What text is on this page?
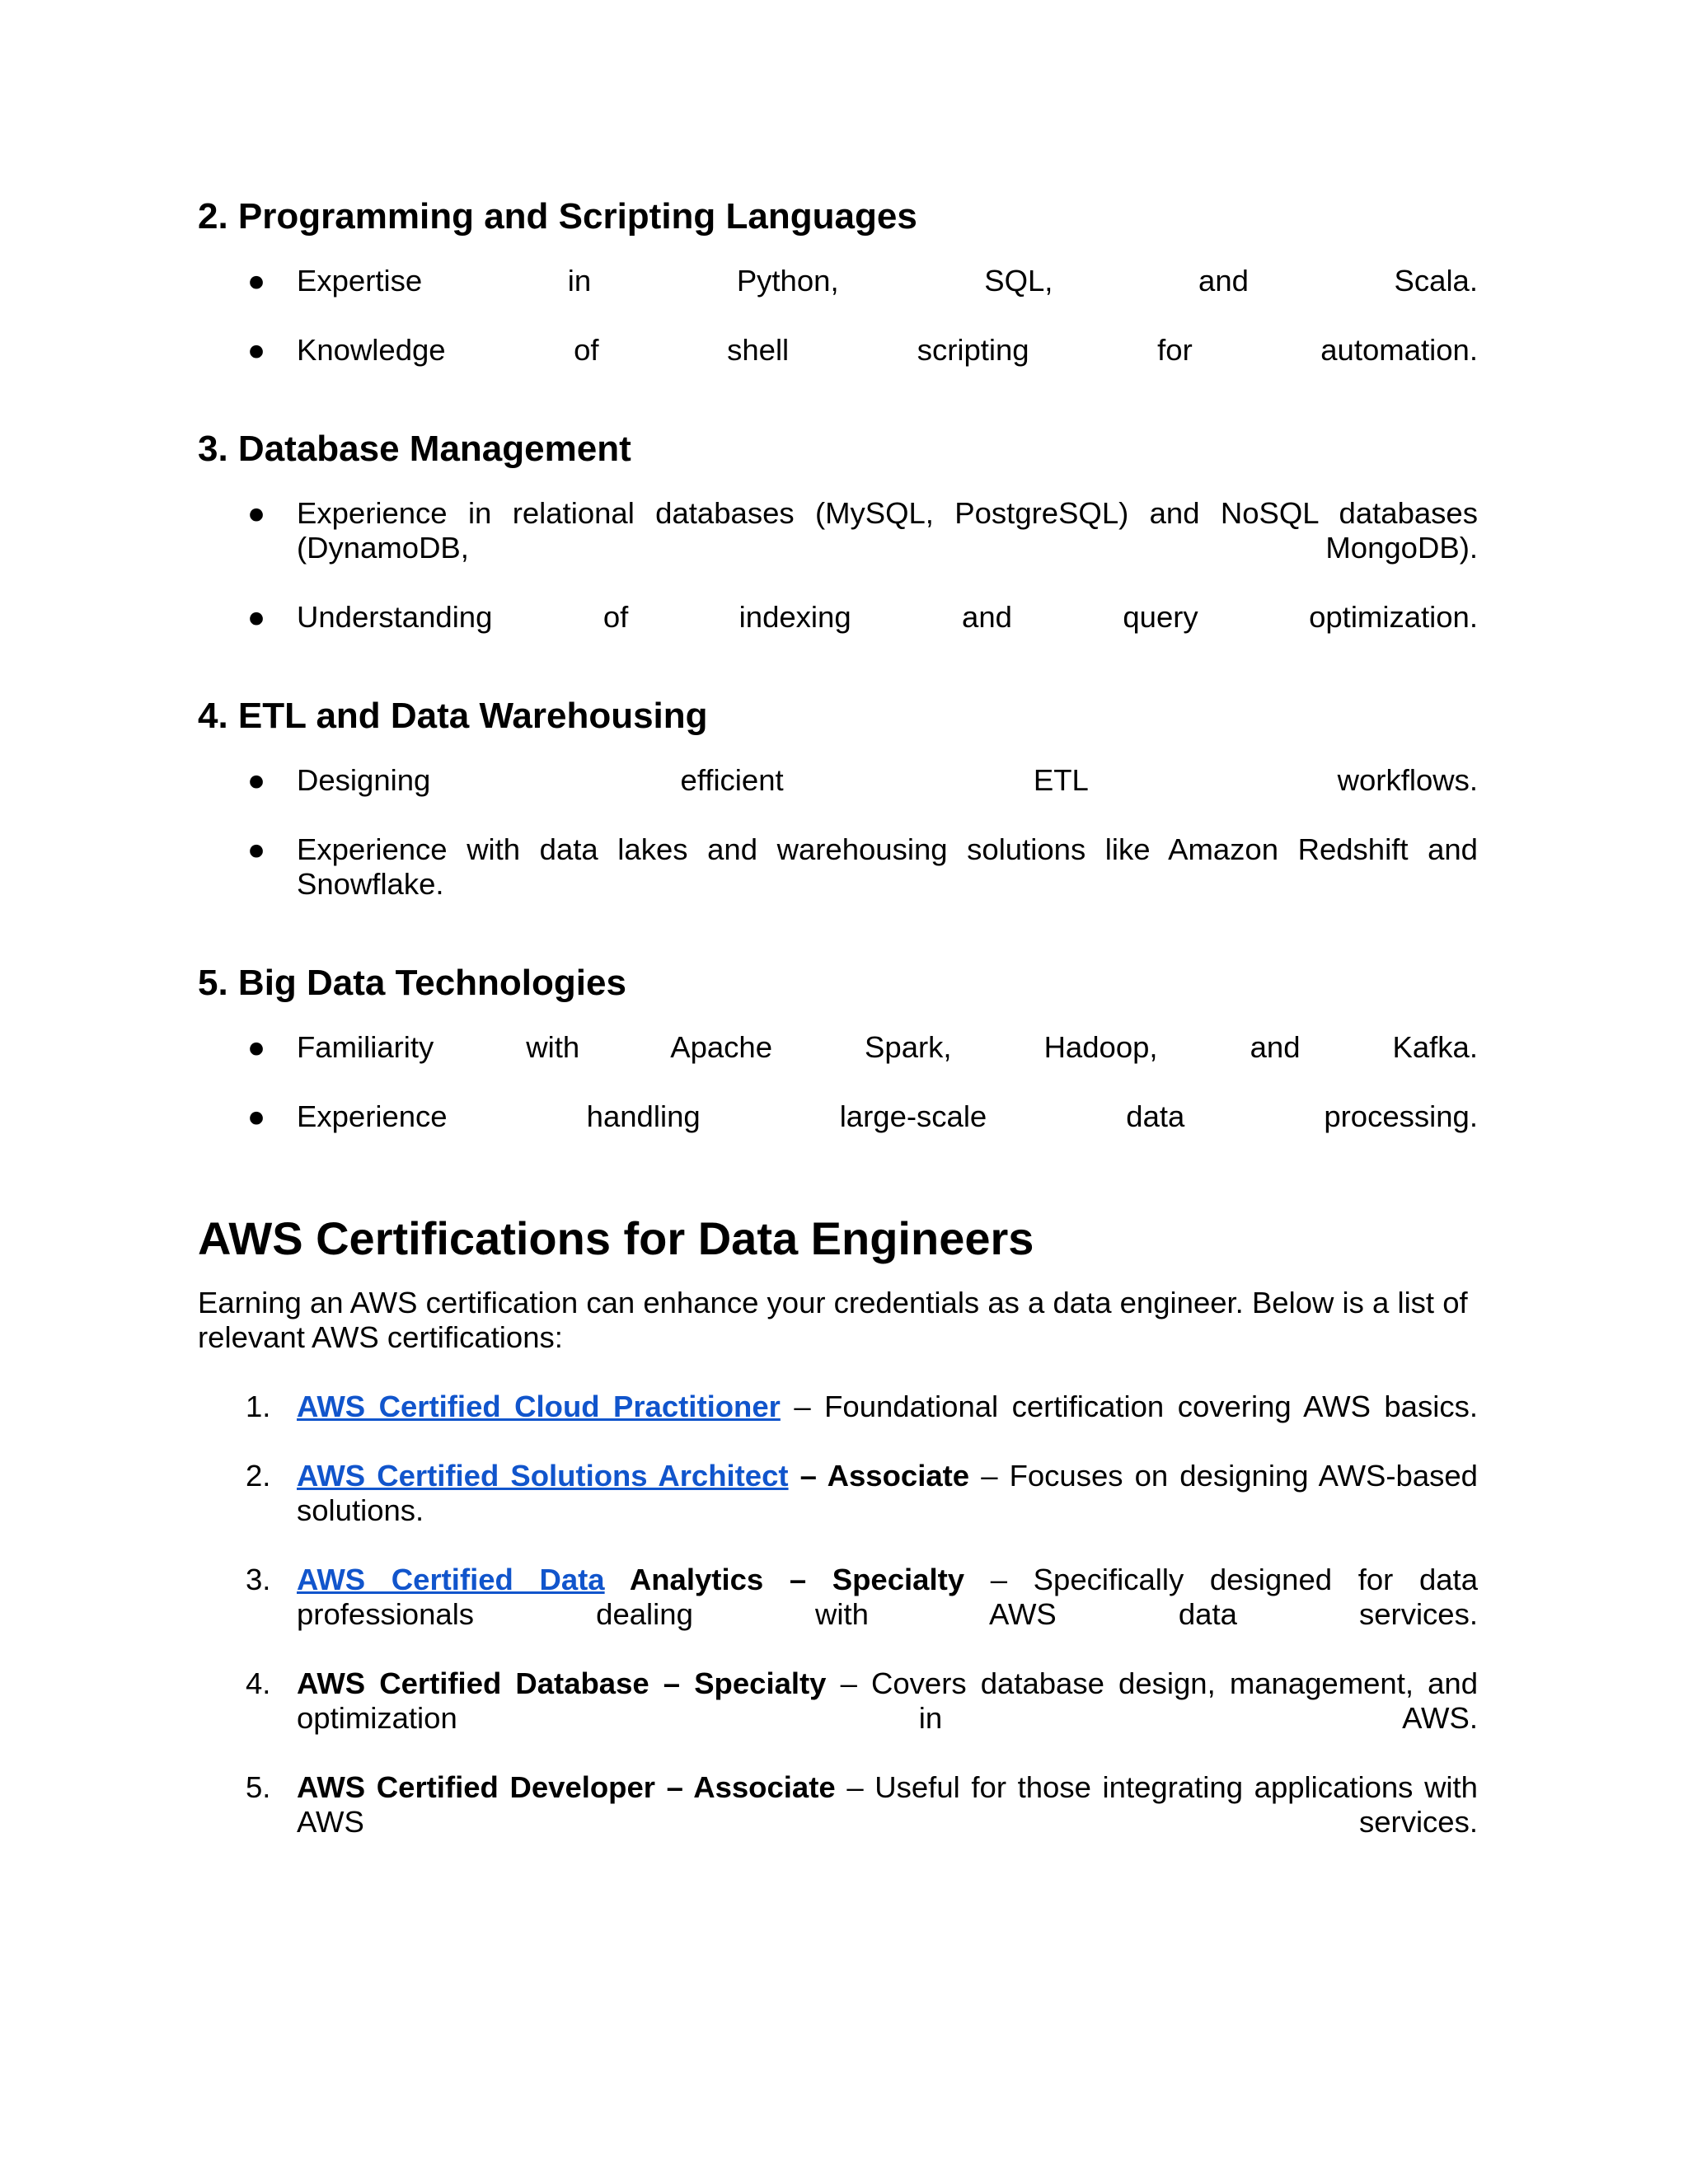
2. Programming and Scripting Languages
●	Expertise in Python, SQL, and Scala.
●	Knowledge of shell scripting for automation.
3. Database Management
●	Experience in relational databases (MySQL, PostgreSQL) and NoSQL databases
(DynamoDB, MongoDB).
●	Understanding of indexing and query optimization.
4. ETL and Data Warehousing
●	Designing efficient ETL workflows.
●	Experience with data lakes and warehousing solutions like Amazon Redshift and
Snowflake.
5. Big Data Technologies
●	Familiarity with Apache Spark, Hadoop, and Kafka.
●	Experience handling large-scale data processing.
AWS Certifications for Data Engineers

Earning an AWS certification can enhance your credentials as a data engineer. Below is a list of
relevant AWS certifications:

1. AWS Certified Cloud Practitioner – Foundational certification covering AWS basics.
2. AWS Certified Solutions Architect – Associate – Focuses on designing AWS-based
solutions.
3. AWS Certified Data Analytics – Specialty – Specifically designed for data
professionals dealing with AWS data services.
4. AWS Certified Database – Specialty – Covers database design, management, and
optimization in AWS.
5. AWS Certified Developer – Associate – Useful for those integrating applications with
AWS services.
